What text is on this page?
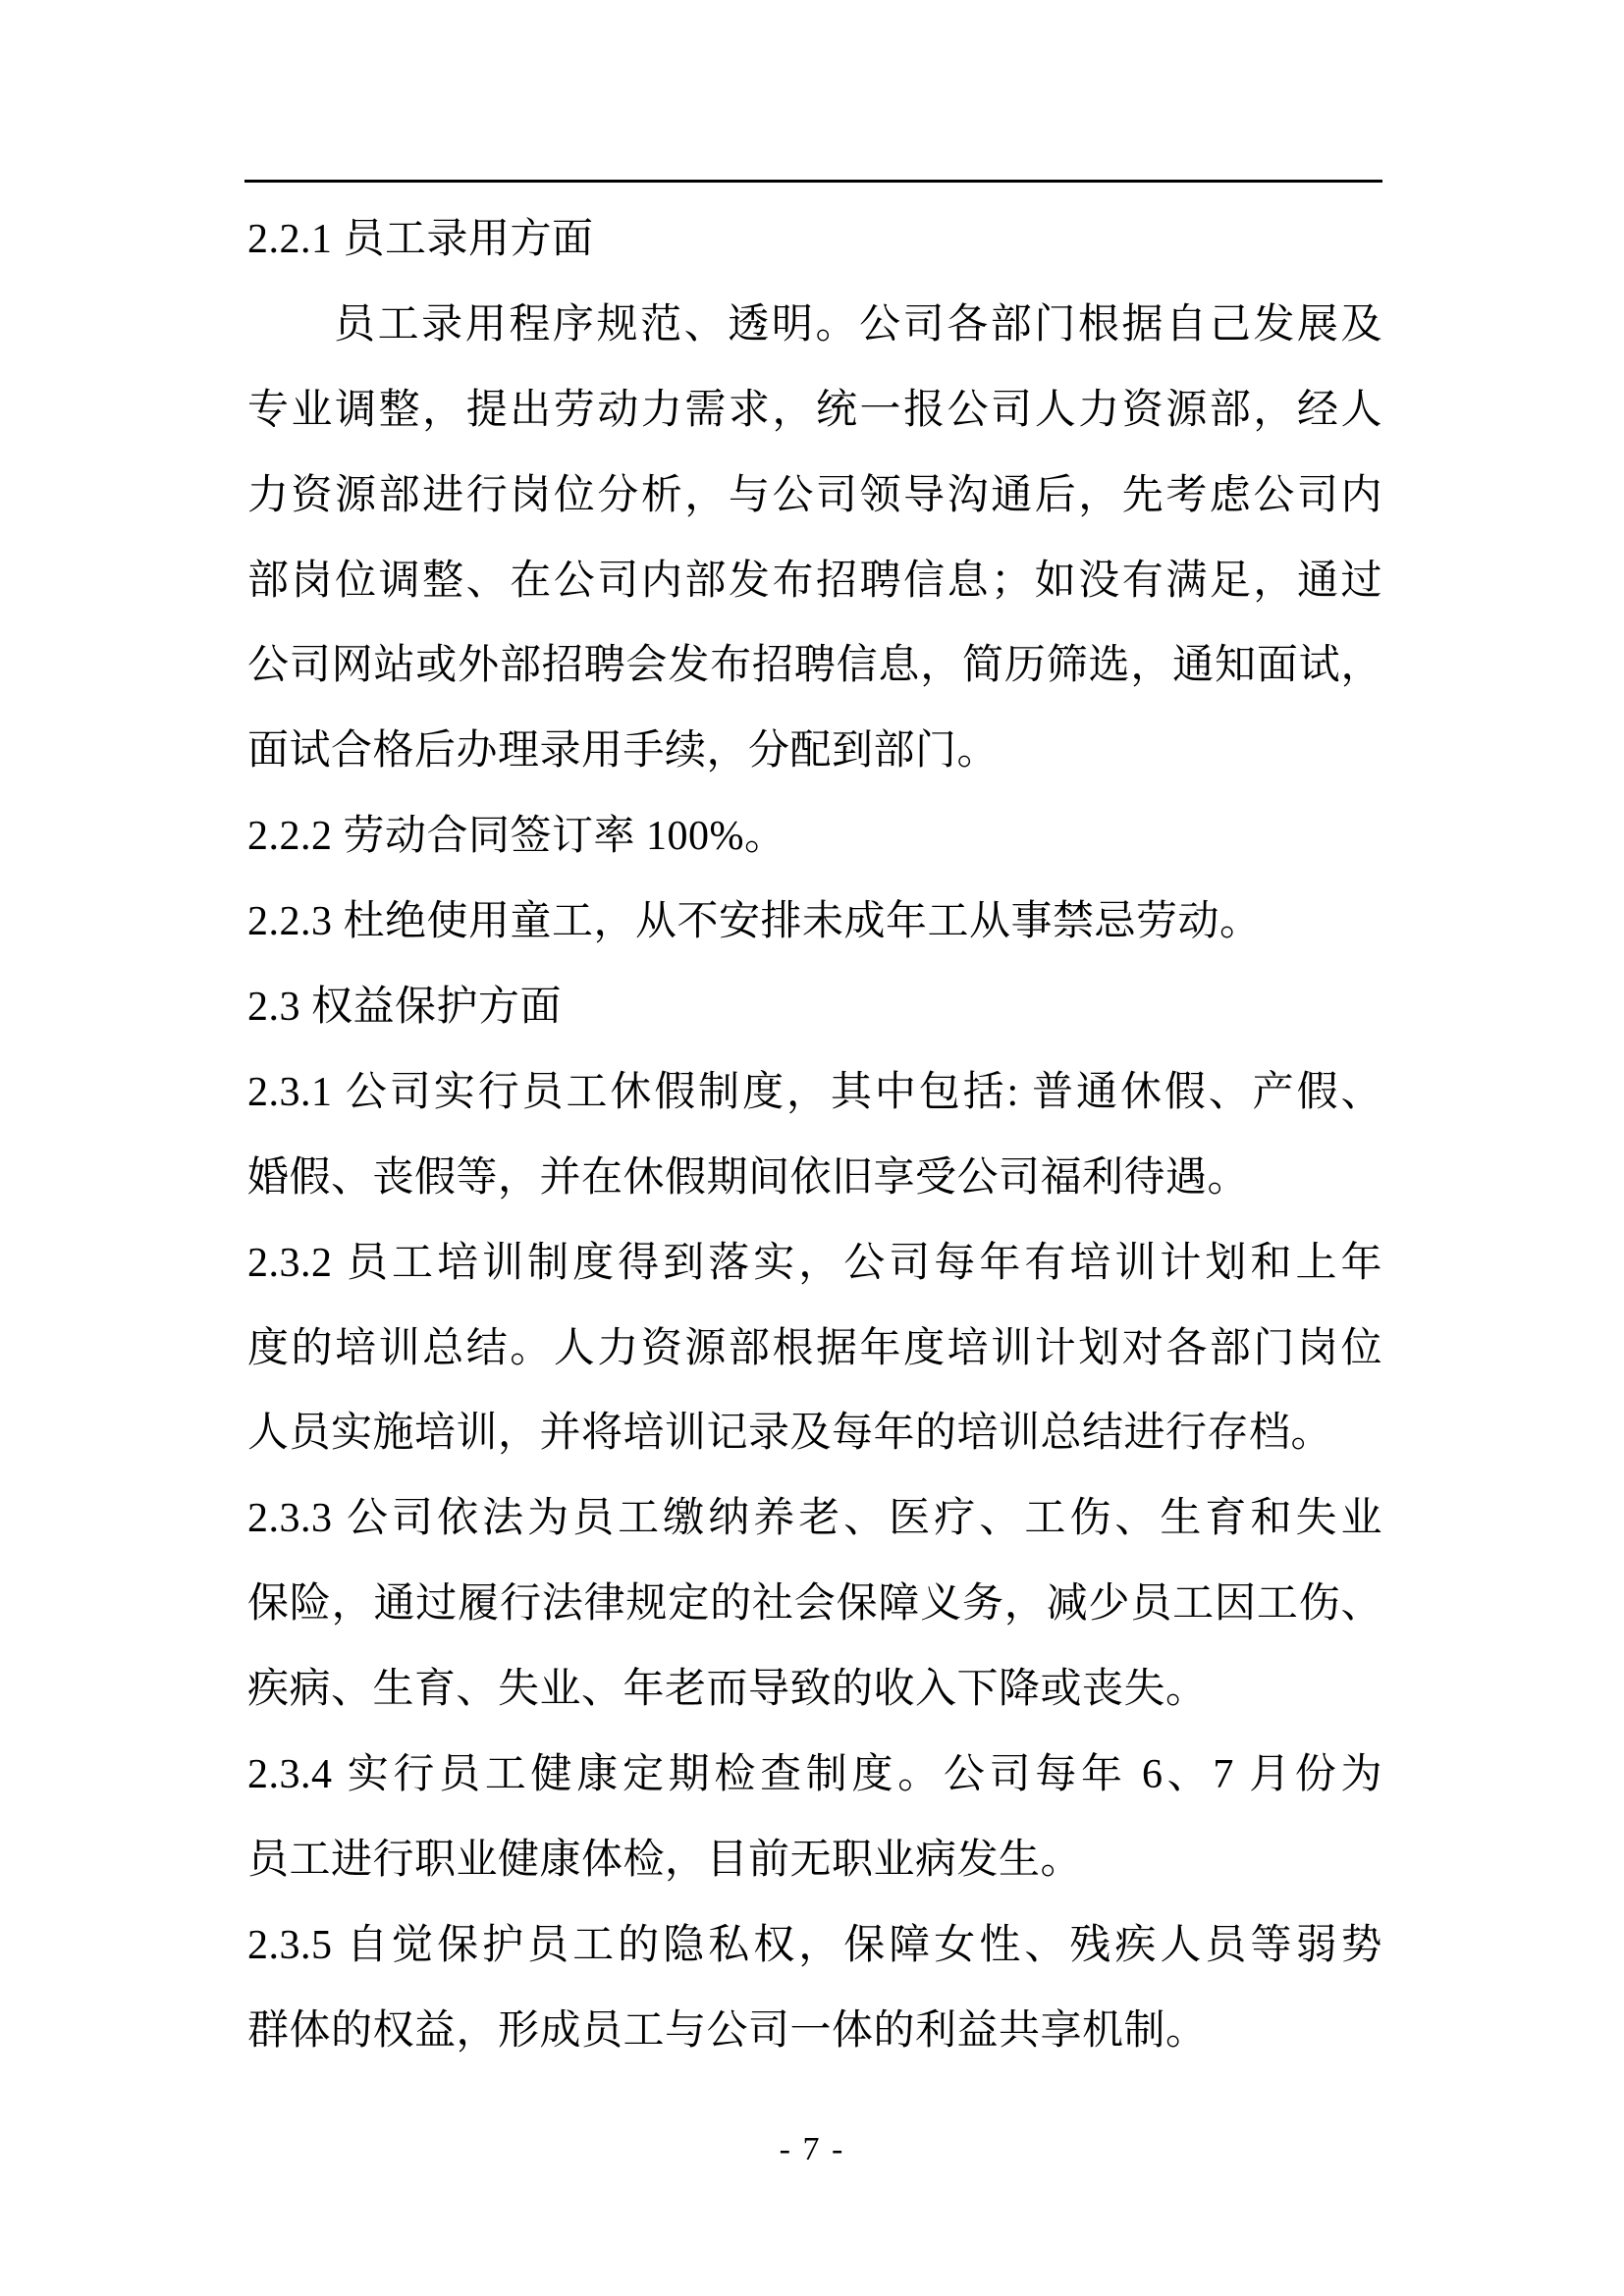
2.2.1 员工录用方面
员工录用程序规范、透明。公司各部门根据自己发展及
专业调整，提出劳动力需求，统一报公司人力资源部，经人
力资源部进行岗位分析，与公司领导沟通后，先考虑公司内
部岗位调整、在公司内部发布招聘信息；如没有满足，通过
公司网站或外部招聘会发布招聘信息，简历筛选，通知面试，
面试合格后办理录用手续，分配到部门。
2.2.2 劳动合同签订率 100%。
2.2.3 杜绝使用童工，从不安排未成年工从事禁忌劳动。
2.3 权益保护方面
2.3.1 公司实行员工休假制度，其中包括: 普通休假、产假、
婚假、丧假等，并在休假期间依旧享受公司福利待遇。
2.3.2 员工培训制度得到落实，公司每年有培训计划和上年
度的培训总结。人力资源部根据年度培训计划对各部门岗位
人员实施培训，并将培训记录及每年的培训总结进行存档。
2.3.3 公司依法为员工缴纳养老、医疗、工伤、生育和失业
保险，通过履行法律规定的社会保障义务，减少员工因工伤、
疾病、生育、失业、年老而导致的收入下降或丧失。
2.3.4 实行员工健康定期检查制度。公司每年 6、7 月份为
员工进行职业健康体检，目前无职业病发生。
2.3.5 自觉保护员工的隐私权，保障女性、残疾人员等弱势
群体的权益，形成员工与公司一体的利益共享机制。
- 7 -
